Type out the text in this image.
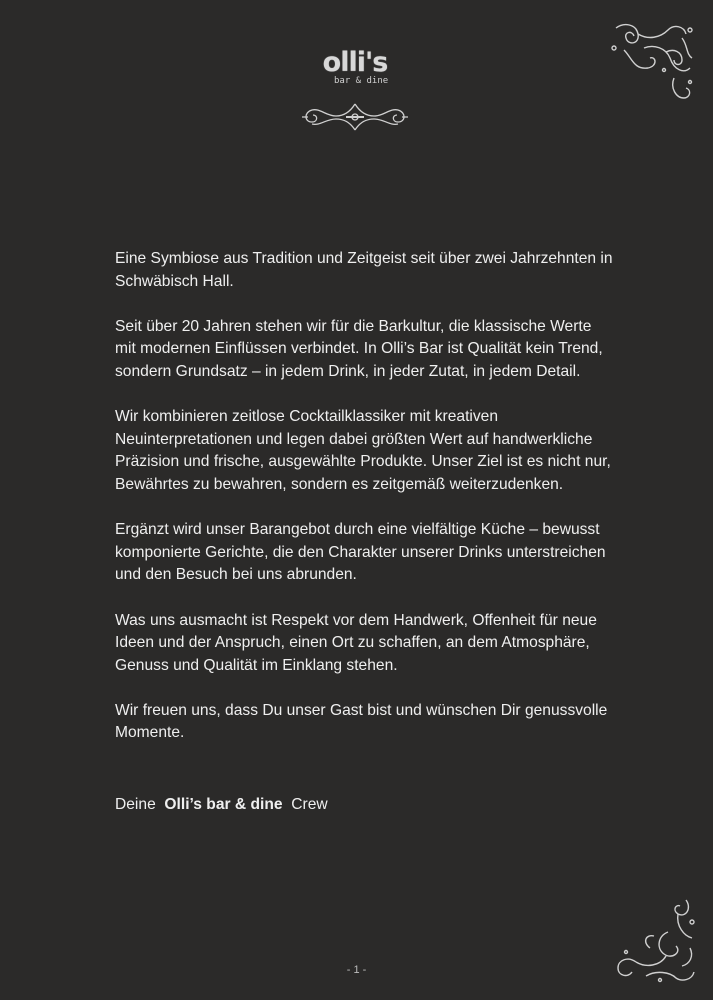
olli's
bar & dine

Eine Symbiose aus Tradition und Zeitgeist seit über zwei Jahrzehnten in Schwäbisch Hall.

Seit über 20 Jahren stehen wir für die Barkultur, die klassische Werte mit modernen Einflüssen verbindet. In Olli’s Bar ist Qualität kein Trend, sondern Grundsatz – in jedem Drink, in jeder Zutat, in jedem Detail.

Wir kombinieren zeitlose Cocktailklassiker mit kreativen Neuinterpretationen und legen dabei größten Wert auf handwerkliche Präzision und frische, ausgewählte Produkte. Unser Ziel ist es nicht nur, Bewährtes zu bewahren, sondern es zeitgemäß weiterzudenken.

Ergänzt wird unser Barangebot durch eine vielfältige Küche – bewusst komponierte Gerichte, die den Charakter unserer Drinks unterstreichen und den Besuch bei uns abrunden.

Was uns ausmacht ist Respekt vor dem Handwerk, Offenheit für neue Ideen und der Anspruch, einen Ort zu schaffen, an dem Atmosphäre, Genuss und Qualität im Einklang stehen.

Wir freuen uns, dass Du unser Gast bist und wünschen Dir genussvolle Momente.

Deine Olli’s bar & dine Crew
- 1 -
